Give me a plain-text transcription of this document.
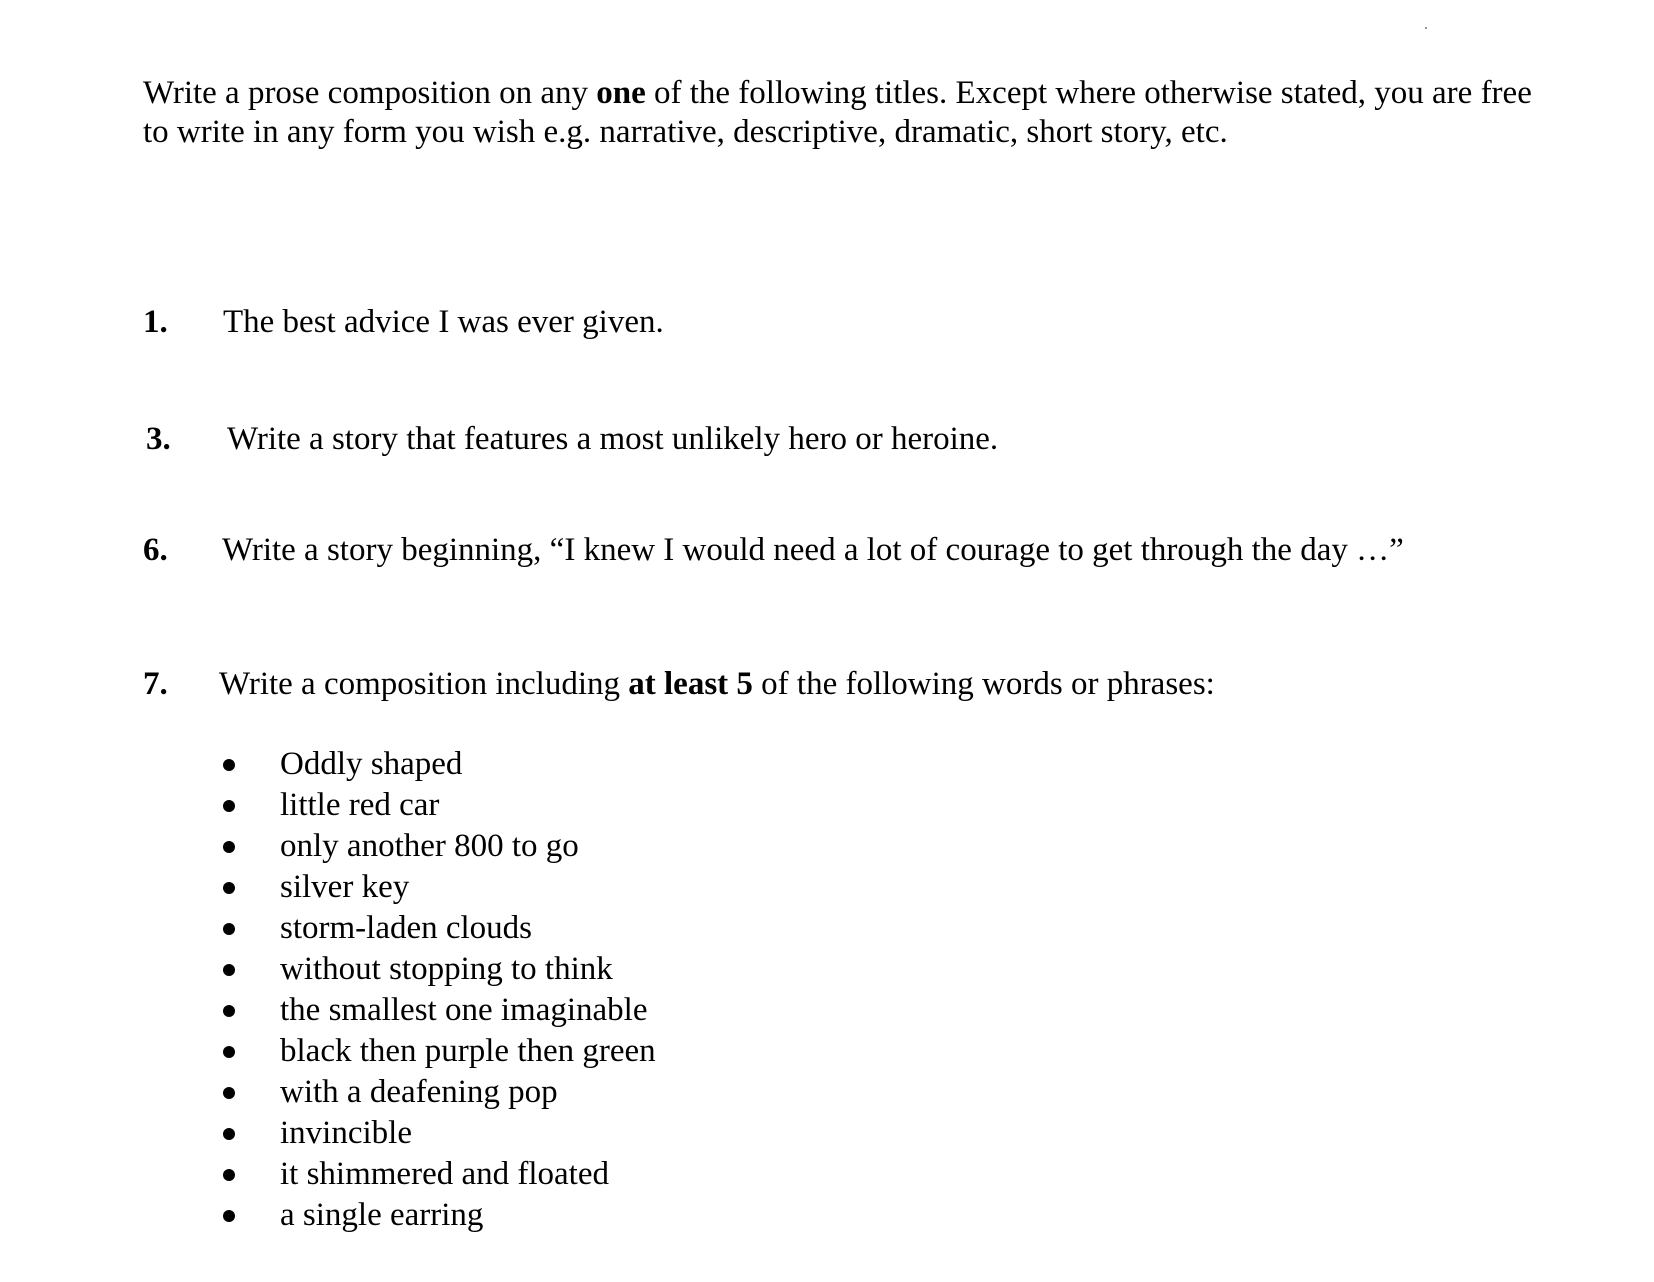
Write a prose composition on any one of the following titles. Except where otherwise stated, you are free to write in any form you wish e.g. narrative, descriptive, dramatic, short story, etc.

1. The best advice I was ever given.
3. Write a story that features a most unlikely hero or heroine.
6. Write a story beginning, “I knew I would need a lot of courage to get through the day …”
7. Write a composition including at least 5 of the following words or phrases:
Oddly shaped
little red car
only another 800 to go
silver key
storm-laden clouds
without stopping to think
the smallest one imaginable
black then purple then green
with a deafening pop
invincible
it shimmered and floated
a single earring
